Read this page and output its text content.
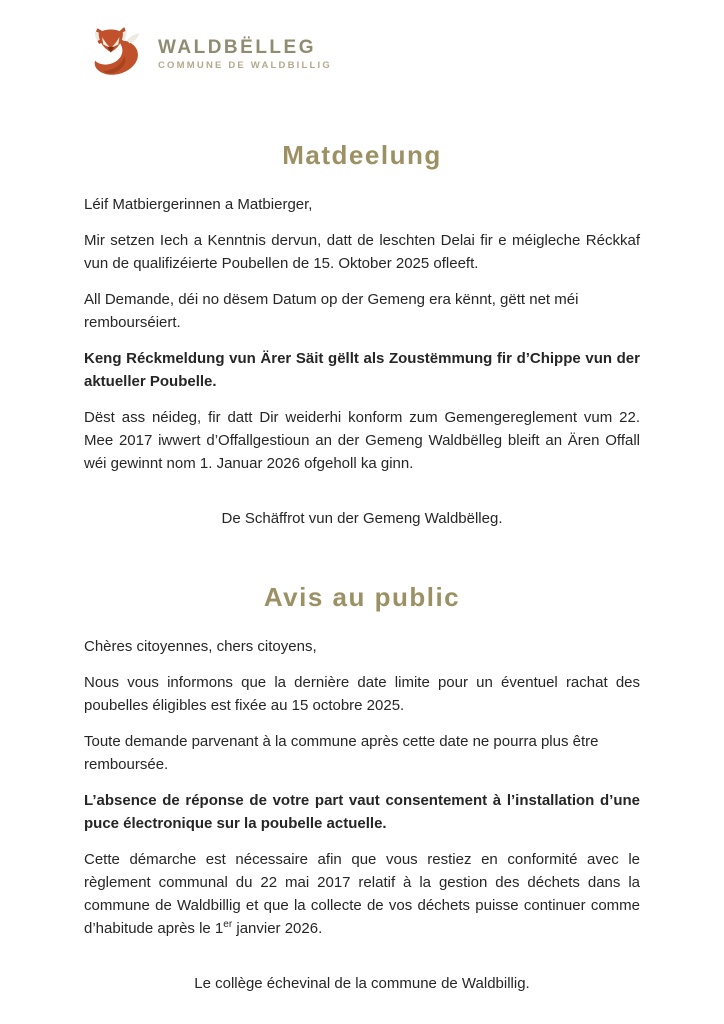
WALDBËLLEG
COMMUNE DE WALDBILLIG
Matdeelung

Léif Matbiergerinnen a Matbierger,

Mir setzen Iech a Kenntnis dervun, datt de leschten Delai fir e méigleche Réckkaf vun de qualifizéierte Poubellen de 15. Oktober 2025 ofleeft.

All Demande, déi no dësem Datum op der Gemeng era kënnt, gëtt net méi rembourséiert.

Keng Réckmeldung vun Ärer Säit gëllt als Zoustëmmung fir d’Chippe vun der aktueller Poubelle.

Dëst ass néideg, fir datt Dir weiderhi konform zum Gemengereglement vum 22. Mee 2017 iwwert d’Offallgestioun an der Gemeng Waldbëlleg bleift an Ären Offall wéi gewinnt nom 1. Januar 2026 ofgeholl ka ginn.

De Schäffrot vun der Gemeng Waldbëlleg.

Avis au public

Chères citoyennes, chers citoyens,

Nous vous informons que la dernière date limite pour un éventuel rachat des poubelles éligibles est fixée au 15 octobre 2025.

Toute demande parvenant à la commune après cette date ne pourra plus être remboursée.

L’absence de réponse de votre part vaut consentement à l’installation d’une puce électronique sur la poubelle actuelle.

Cette démarche est nécessaire afin que vous restiez en conformité avec le règlement communal du 22 mai 2017 relatif à la gestion des déchets dans la commune de Waldbillig et que la collecte de vos déchets puisse continuer comme d’habitude après le 1er janvier 2026.

Le collège échevinal de la commune de Waldbillig.
